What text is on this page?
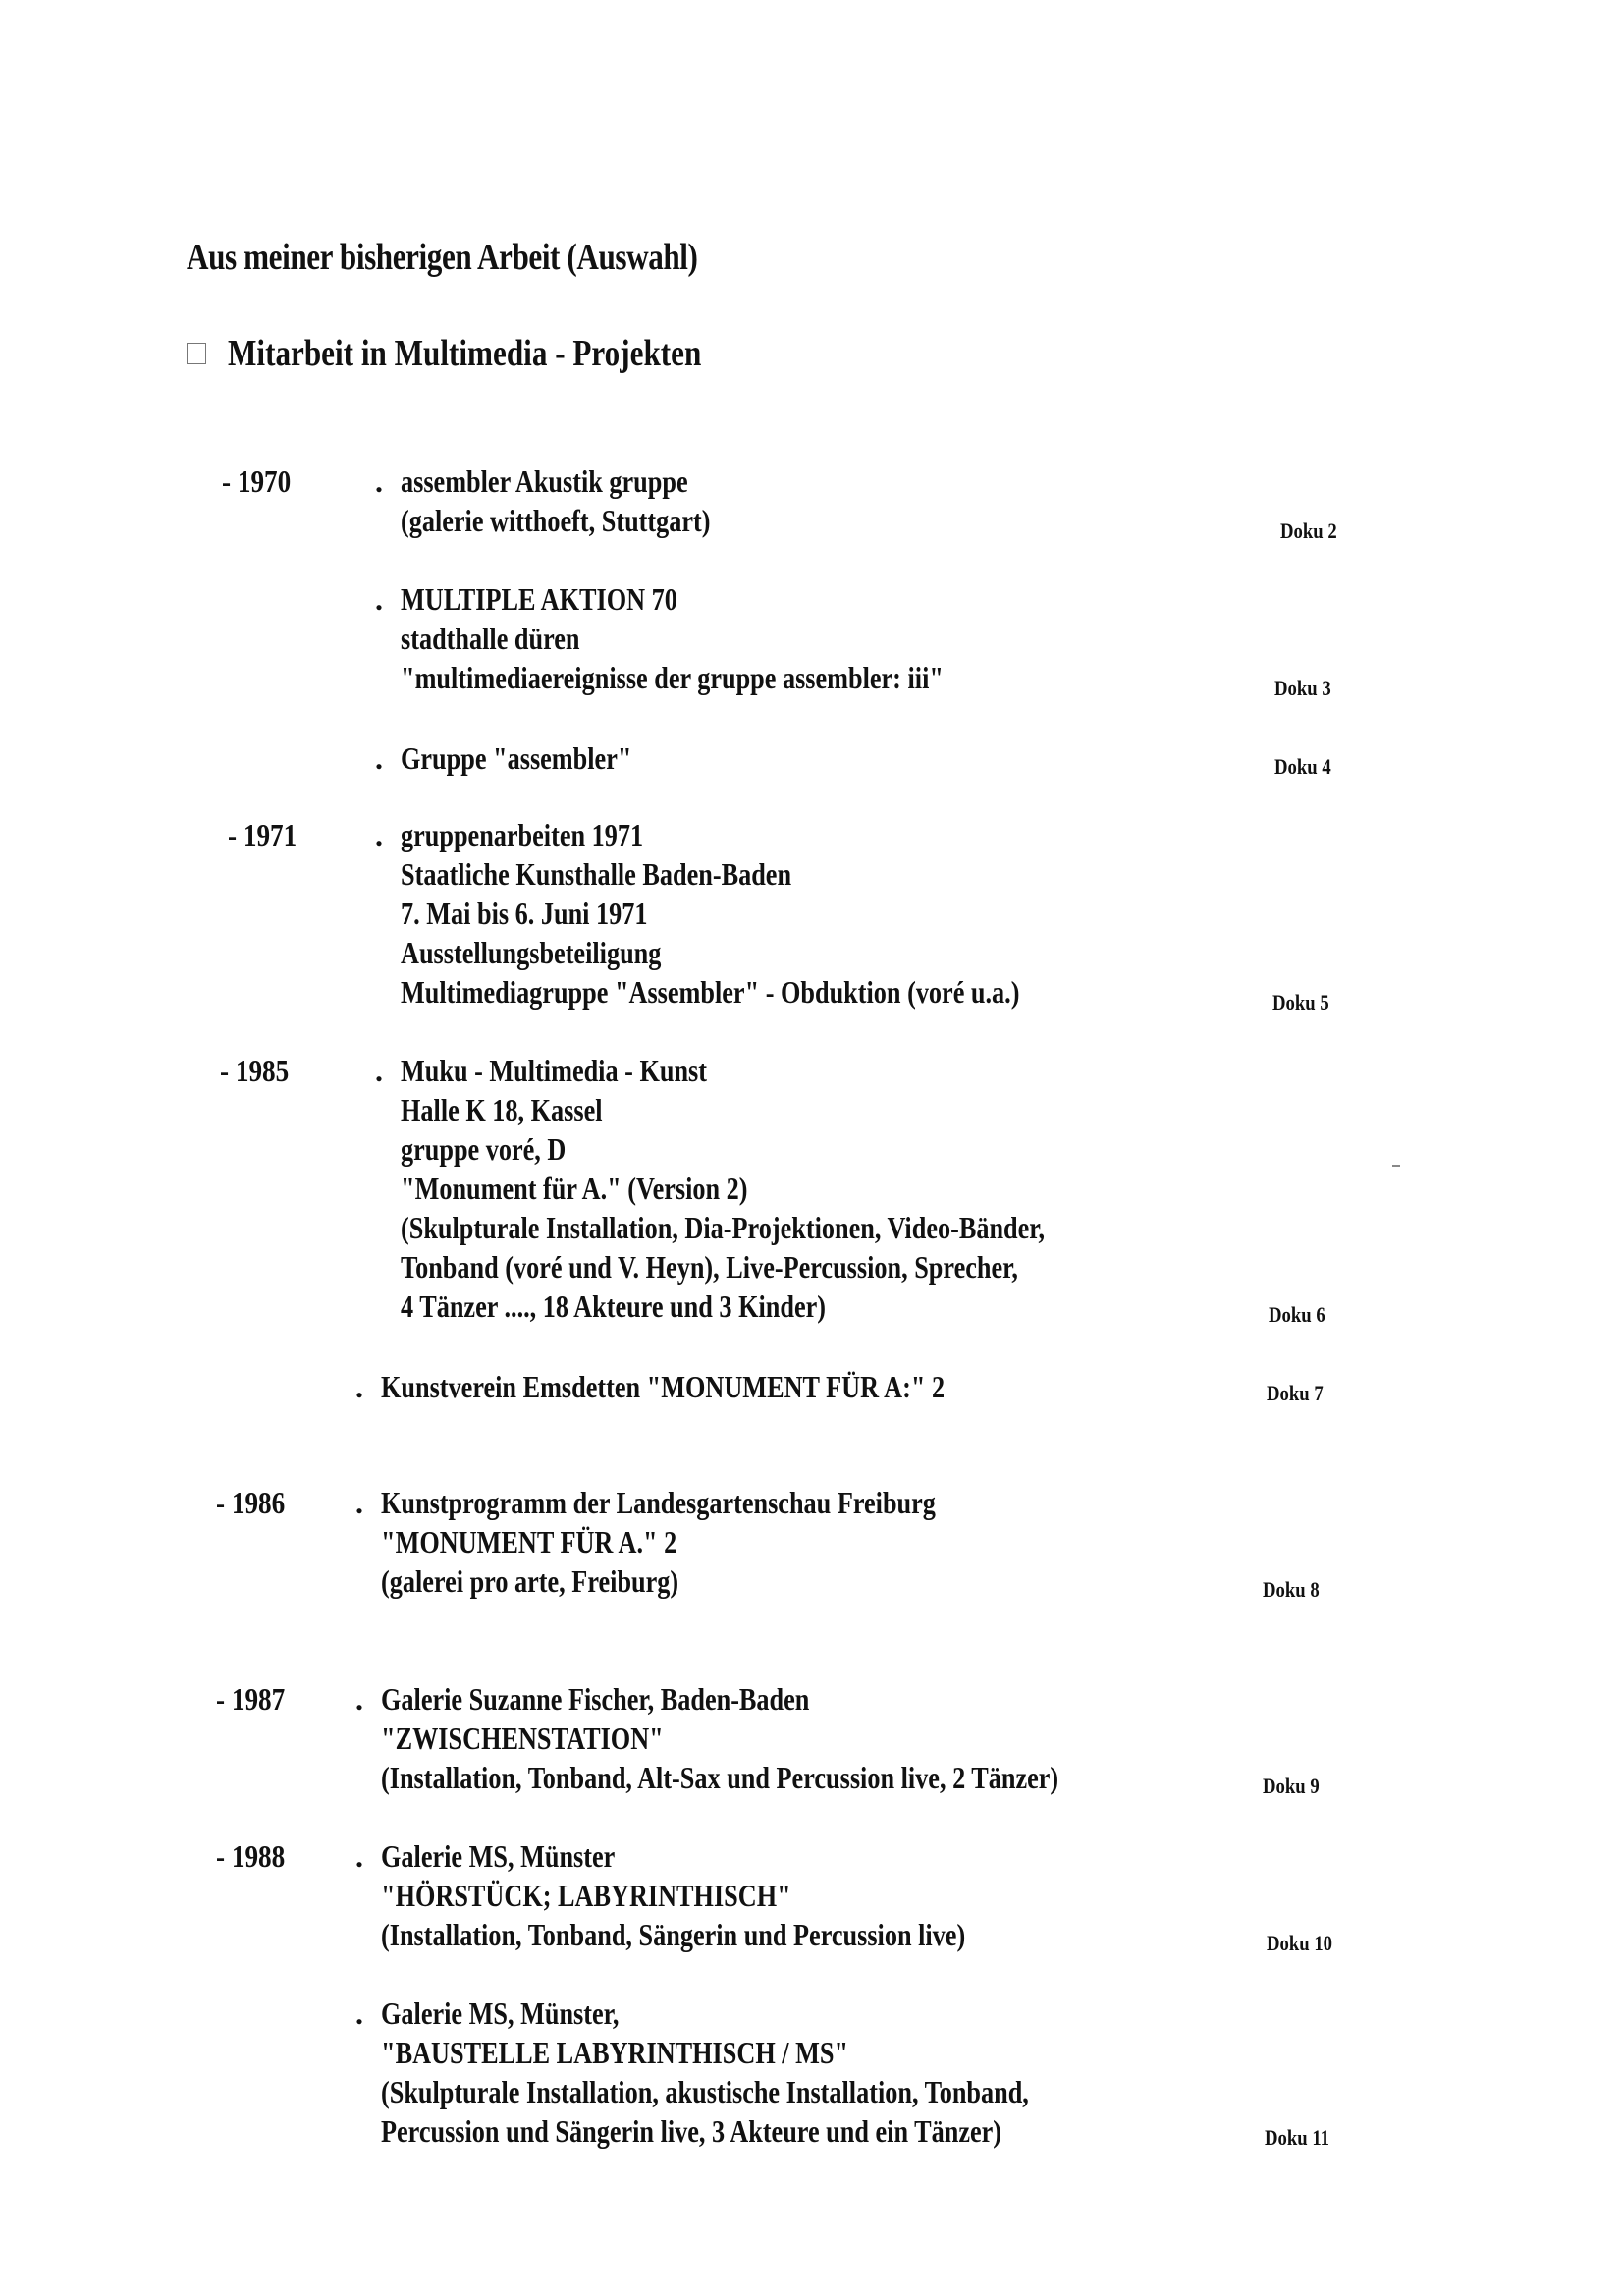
Aus meiner bisherigen Arbeit (Auswahl)
Mitarbeit in Multimedia - Projekten
- 1970	. assembler Akustik gruppe
(galerie witthoeft, Stuttgart)	Doku 2
. MULTIPLE AKTION 70
stadthalle düren
"multimediaereignisse der gruppe assembler: iii"	Doku 3
. Gruppe "assembler"	Doku 4
- 1971 . gruppenarbeiten 1971
Staatliche Kunsthalle Baden-Baden
7. Mai bis 6. Juni 1971
Ausstellungsbeteiligung
Multimediagruppe "Assembler" - Obduktion (voré u.a.)	Doku 5
- 1985	. Muku - Multimedia - Kunst
Halle K 18, Kassel
gruppe voré, D
"Monument für A." (Version 2)
(Skulpturale Installation, Dia-Projektionen, Video-Bänder,
Tonband (voré und V. Heyn), Live-Percussion, Sprecher,
4 Tänzer ...., 18 Akteure und 3 Kinder)	Doku 6
. Kunstverein Emsdetten "MONUMENT FÜR A:" 2	Doku 7
- 1986 . Kunstprogramm der Landesgartenschau Freiburg
"MONUMENT FÜR A." 2
(galerei pro arte, Freiburg)	Doku 8
- 1987 . Galerie Suzanne Fischer, Baden-Baden
"ZWISCHENSTATION"
(Installation, Tonband, Alt-Sax und Percussion live, 2 Tänzer)	Doku 9
- 1988 . Galerie MS, Münster
"HÖRSTÜCK; LABYRINTHISCH"
(Installation, Tonband, Sängerin und Percussion live)	Doku 10
. Galerie MS, Münster,
"BAUSTELLE LABYRINTHISCH / MS"
(Skulpturale Installation, akustische Installation, Tonband,
Percussion und Sängerin live, 3 Akteure und ein Tänzer)	Doku 11
